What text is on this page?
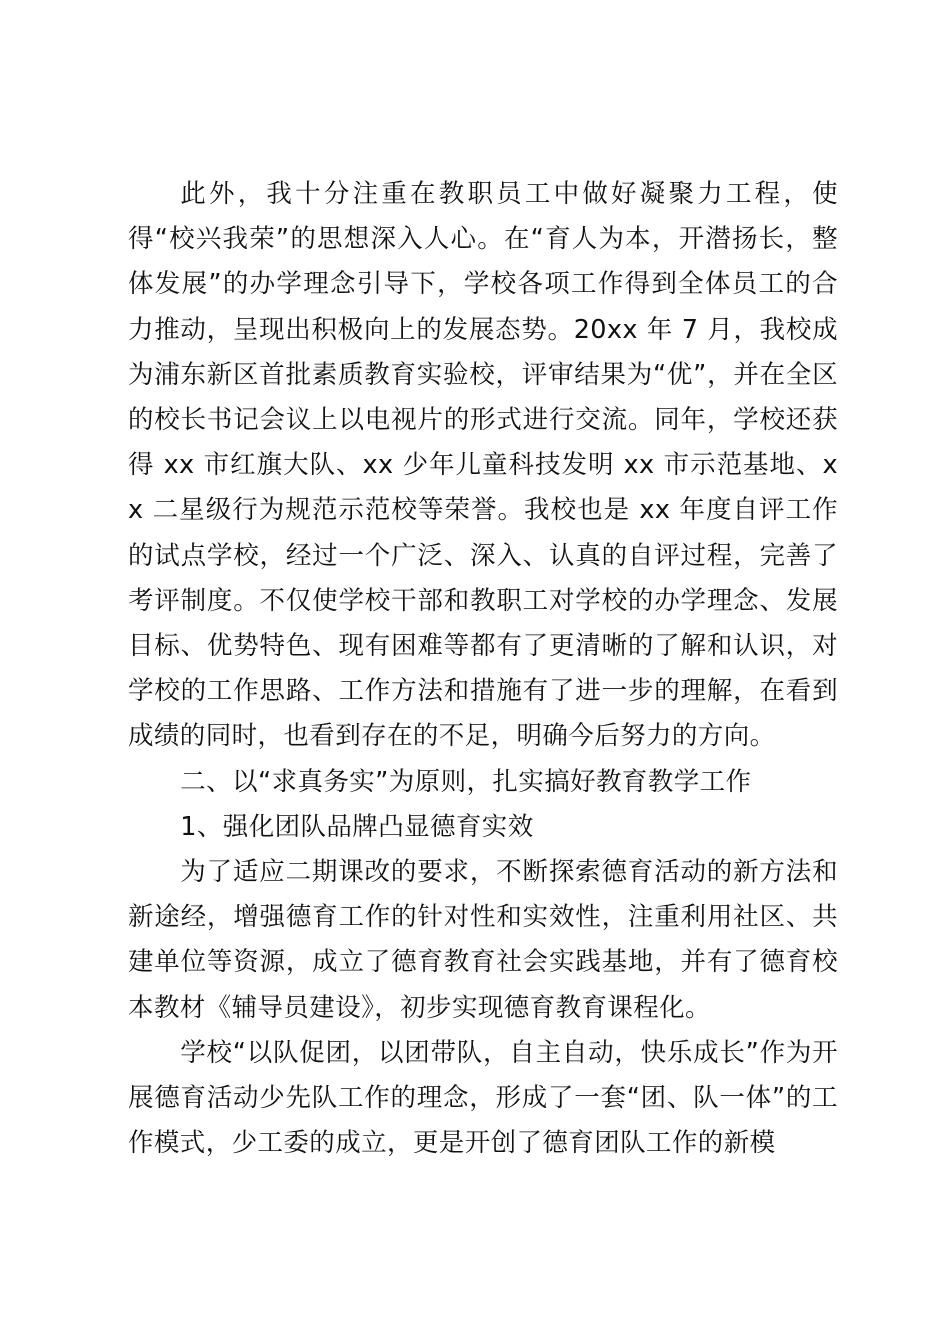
此外，我十分注重在教职员工中做好凝聚力工程，使得“校兴我荣”的思想深入人心。在“育人为本，开潜扬长，整体发展”的办学理念引导下，学校各项工作得到全体员工的合力推动，呈现出积极向上的发展态势。20xx 年 7 月，我校成为浦东新区首批素质教育实验校，评审结果为“优”，并在全区的校长书记会议上以电视片的形式进行交流。同年，学校还获得 xx 市红旗大队、xx 少年儿童科技发明 xx 市示范基地、xx 二星级行为规范示范校等荣誉。我校也是 xx 年度自评工作的试点学校，经过一个广泛、深入、认真的自评过程，完善了考评制度。不仅使学校干部和教职工对学校的办学理念、发展目标、优势特色、现有困难等都有了更清晰的了解和认识，对学校的工作思路、工作方法和措施有了进一步的理解，在看到成绩的同时，也看到存在的不足，明确今后努力的方向。

二、以“求真务实”为原则，扎实搞好教育教学工作

1、强化团队品牌凸显德育实效

为了适应二期课改的要求，不断探索德育活动的新方法和新途经，增强德育工作的针对性和实效性，注重利用社区、共建单位等资源，成立了德育教育社会实践基地，并有了德育校本教材《辅导员建设》，初步实现德育教育课程化。

学校“以队促团，以团带队，自主自动，快乐成长”作为开展德育活动少先队工作的理念，形成了一套“团、队一体”的工作模式，少工委的成立，更是开创了德育团队工作的新模
